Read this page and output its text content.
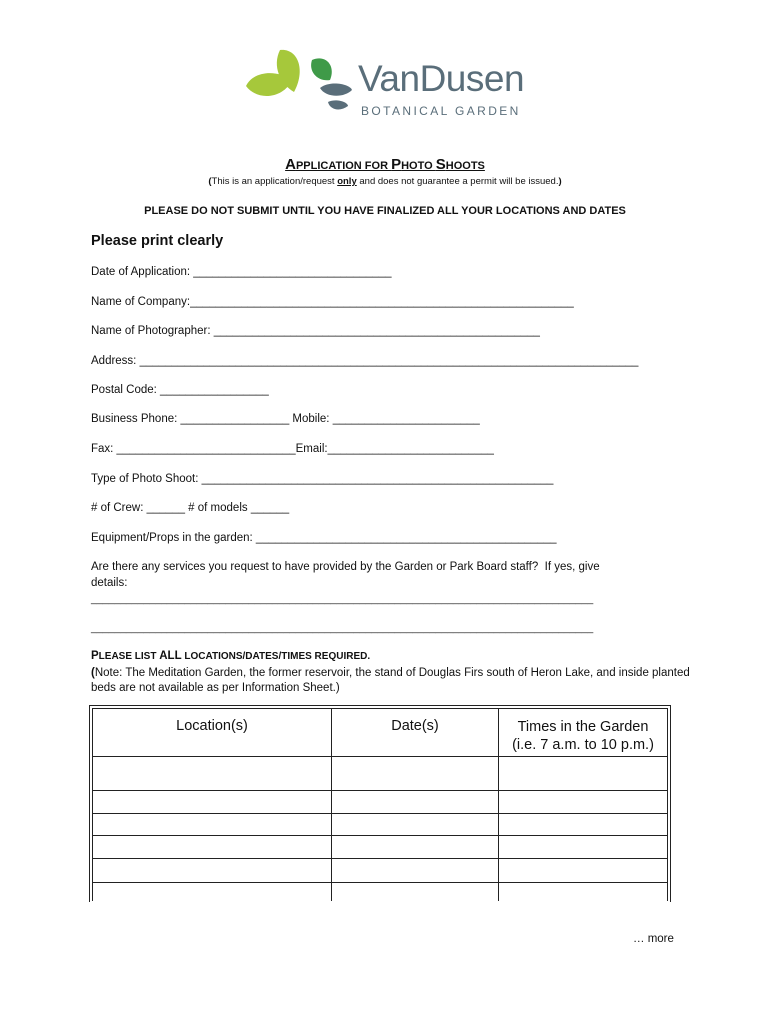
VanDusen
BOTANICAL GARDEN
APPLICATION FOR PHOTO SHOOTS
(This is an application/request only and does not guarantee a permit will be issued.)
PLEASE DO NOT SUBMIT UNTIL YOU HAVE FINALIZED ALL YOUR LOCATIONS AND DATES
Please print clearly
Date of Application: _______________________________
Name of Company:____________________________________________________________
Name of Photographer: ___________________________________________________
Address: ______________________________________________________________________________
Postal Code: _________________
Business Phone: _________________ Mobile: _______________________
Fax: ____________________________Email:__________________________
Type of Photo Shoot: _______________________________________________________
# of Crew: ______ # of models ______
Equipment/Props in the garden: _______________________________________________
Are there any services you request to have provided by the Garden or Park Board staff?  If yes, give
details:
______________________________________________________________________________________
______________________________________________________________________________________
PLEASE LIST ALL LOCATIONS/DATES/TIMES REQUIRED.
(Note: The Meditation Garden, the former reservoir, the stand of Douglas Firs south of Heron Lake, and inside planted beds are not available as per Information Sheet.)
Location(s)	Date(s)	Times in the Garden
(i.e. 7 a.m. to 10 p.m.)

… more
